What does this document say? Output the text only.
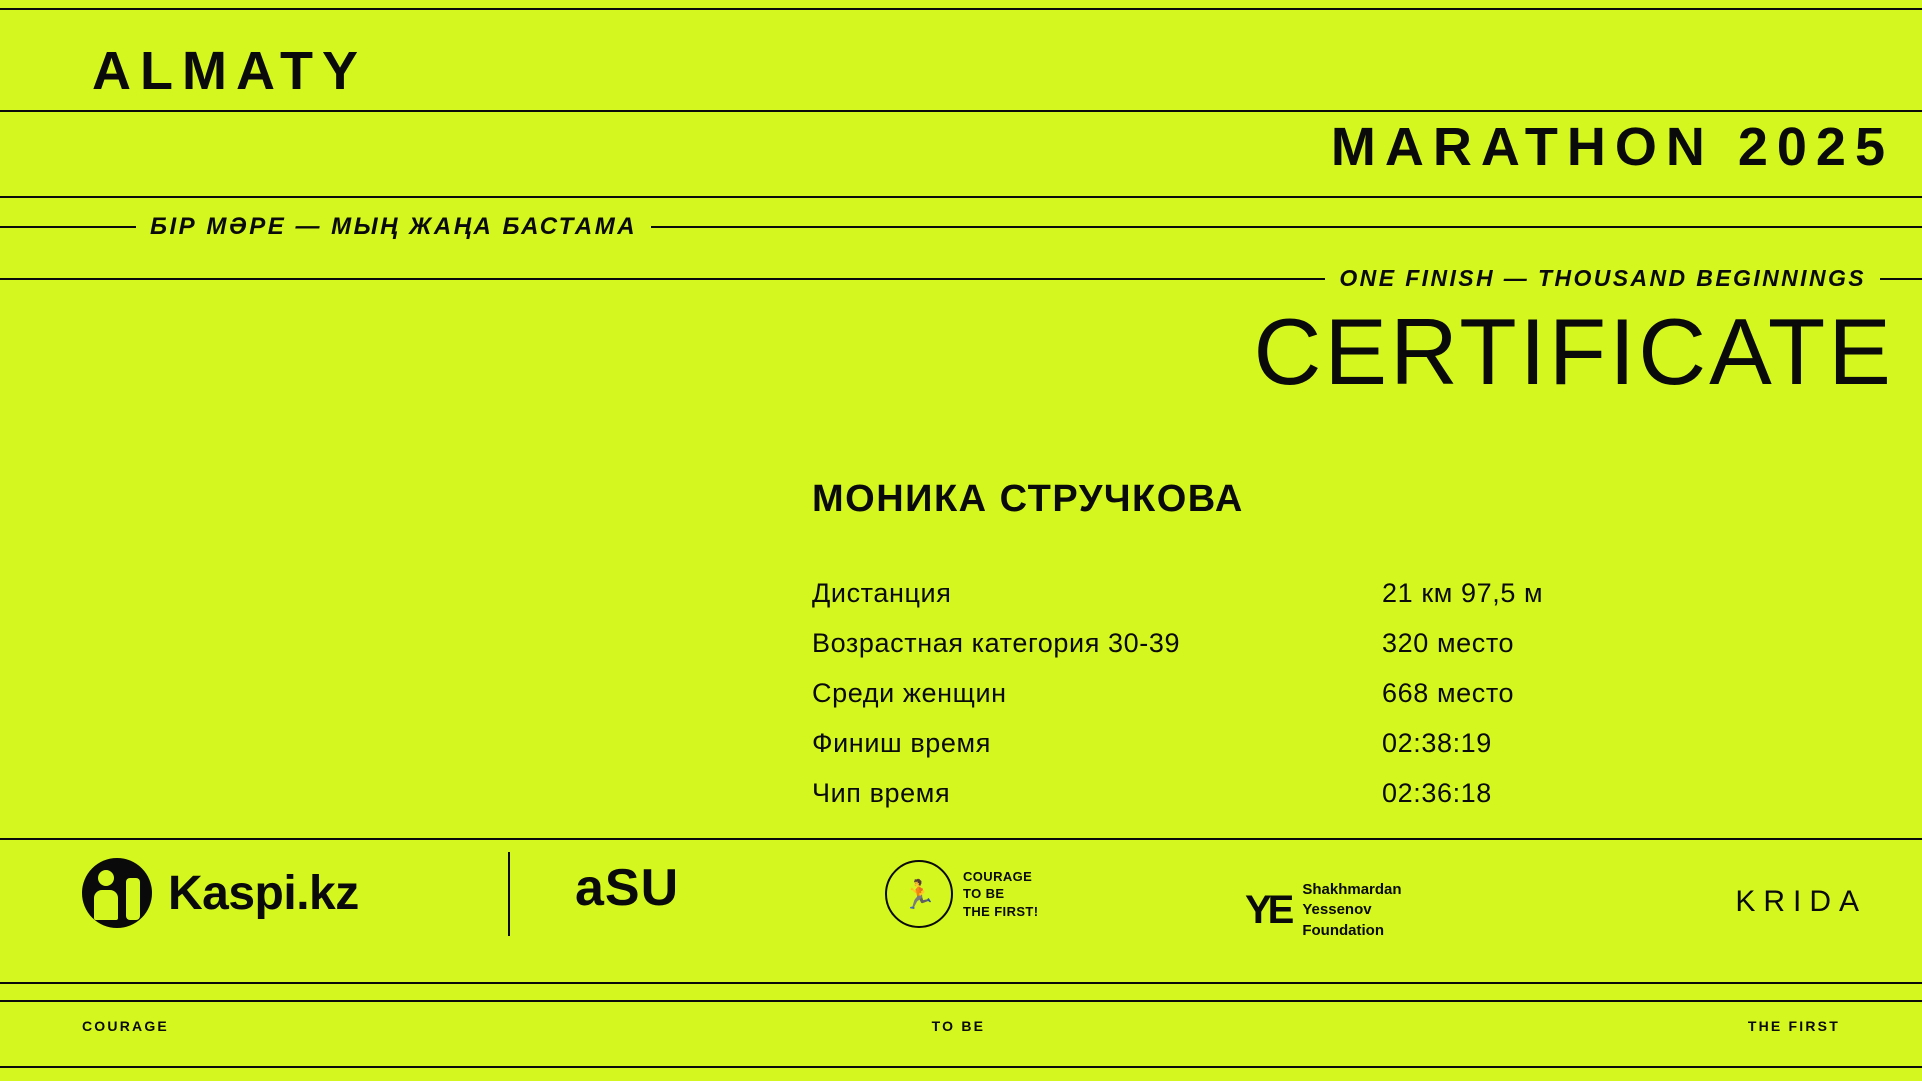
ALMATY
MARATHON 2025
БІР МӘРЕ — МЫҢ ЖАҢА БАСТАМА
ONE FINISH — THOUSAND BEGINNINGS
CERTIFICATE
МОНИКА СТРУЧКОВА
Дистанция	21 км 97,5 м
Возрастная категория 30-39	320 место
Среди женщин	668 место
Финиш время	02:38:19
Чип время	02:36:18
Kaspi.kz	aSU	🏃
COURAGE
TO BE
THE FIRST!	YE Shakhmardan
Yessenov
Foundation
KRIDA
COURAGE	TO BE	THE FIRST
